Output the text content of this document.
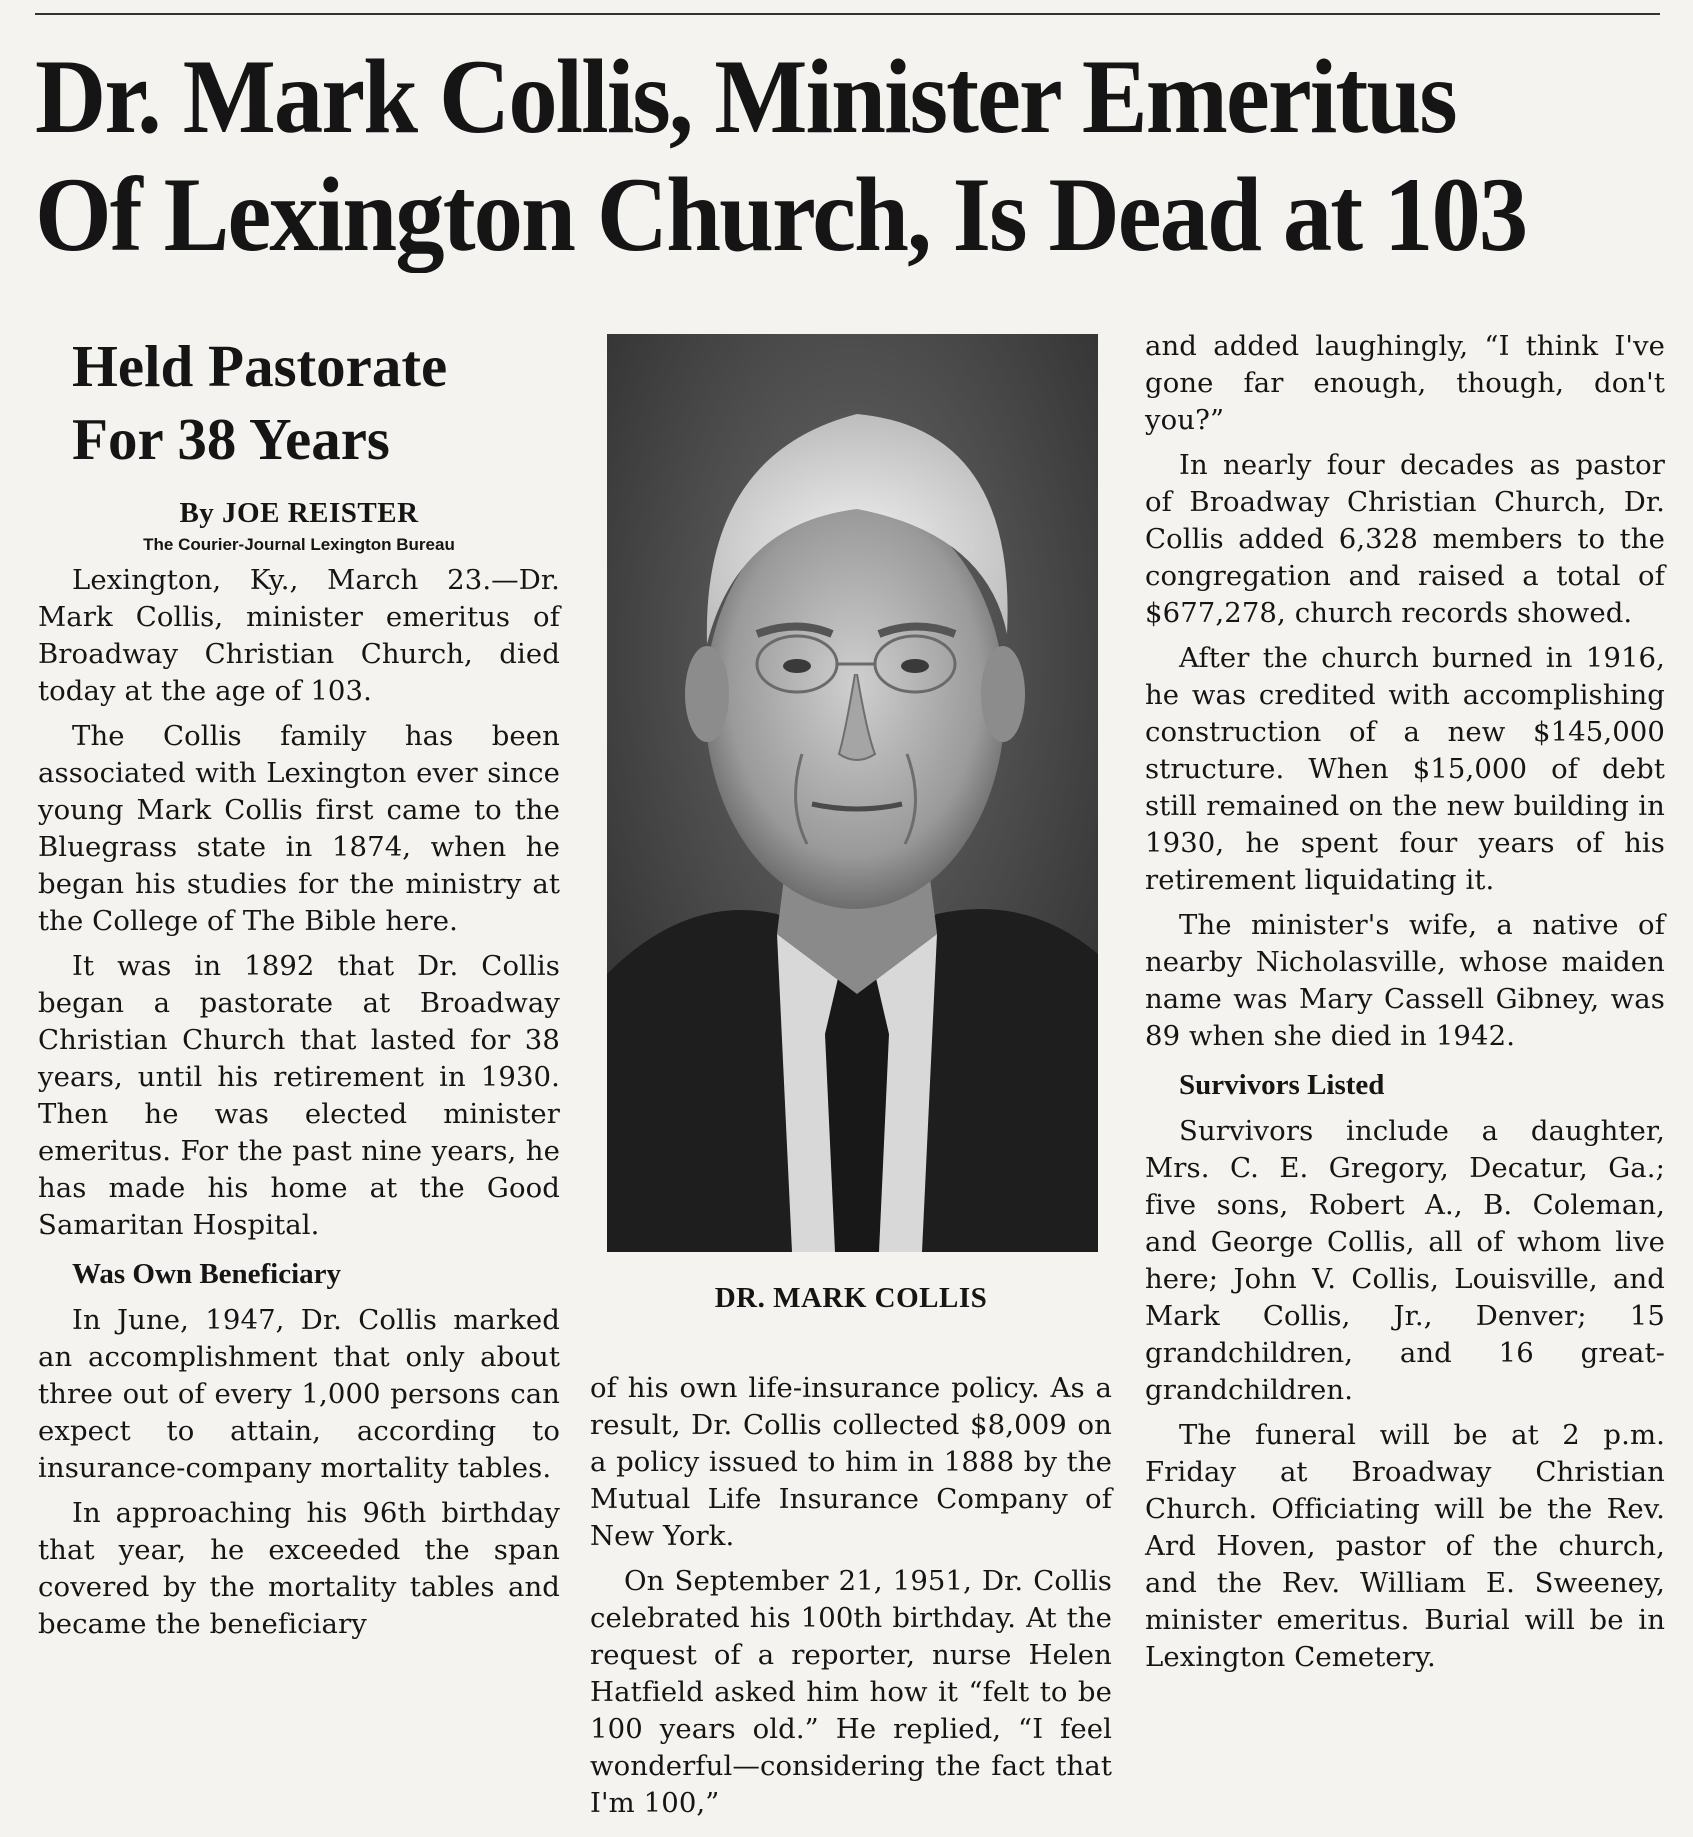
Dr. Mark Collis, Minister Emeritus
Of Lexington Church, Is Dead at 103
Held Pastorate
For 38 Years

By JOE REISTER

The Courier-Journal Lexington Bureau

Lexington, Ky., March 23.—Dr. Mark Collis, minister emeritus of Broadway Christian Church, died today at the age of 103.

The Collis family has been associated with Lexington ever since young Mark Collis first came to the Bluegrass state in 1874, when he began his studies for the ministry at the College of The Bible here.

It was in 1892 that Dr. Collis began a pastorate at Broadway Christian Church that lasted for 38 years, until his retirement in 1930. Then he was elected minister emeritus. For the past nine years, he has made his home at the Good Samaritan Hospital.

Was Own Beneficiary

In June, 1947, Dr. Collis marked an accomplishment that only about three out of every 1,000 persons can expect to attain, according to insurance-company mortality tables.

In approaching his 96th birthday that year, he exceeded the span covered by the mortality tables and became the beneficiary

DR. MARK COLLIS

of his own life-insurance policy. As a result, Dr. Collis collected $8,009 on a policy issued to him in 1888 by the Mutual Life Insurance Company of New York.

On September 21, 1951, Dr. Collis celebrated his 100th birthday. At the request of a reporter, nurse Helen Hatfield asked him how it “felt to be 100 years old.” He replied, “I feel wonderful—considering the fact that I'm 100,”

and added laughingly, “I think I've gone far enough, though, don't you?”

In nearly four decades as pastor of Broadway Christian Church, Dr. Collis added 6,328 members to the congregation and raised a total of $677,278, church records showed.

After the church burned in 1916, he was credited with accomplishing construction of a new $145,000 structure. When $15,000 of debt still remained on the new building in 1930, he spent four years of his retirement liquidating it.

The minister's wife, a native of nearby Nicholasville, whose maiden name was Mary Cassell Gibney, was 89 when she died in 1942.

Survivors Listed

Survivors include a daughter, Mrs. C. E. Gregory, Decatur, Ga.; five sons, Robert A., B. Coleman, and George Collis, all of whom live here; John V. Collis, Louisville, and Mark Collis, Jr., Denver; 15 grandchildren, and 16 great-grandchildren.

The funeral will be at 2 p.m. Friday at Broadway Christian Church. Officiating will be the Rev. Ard Hoven, pastor of the church, and the Rev. William E. Sweeney, minister emeritus. Burial will be in Lexington Cemetery.
